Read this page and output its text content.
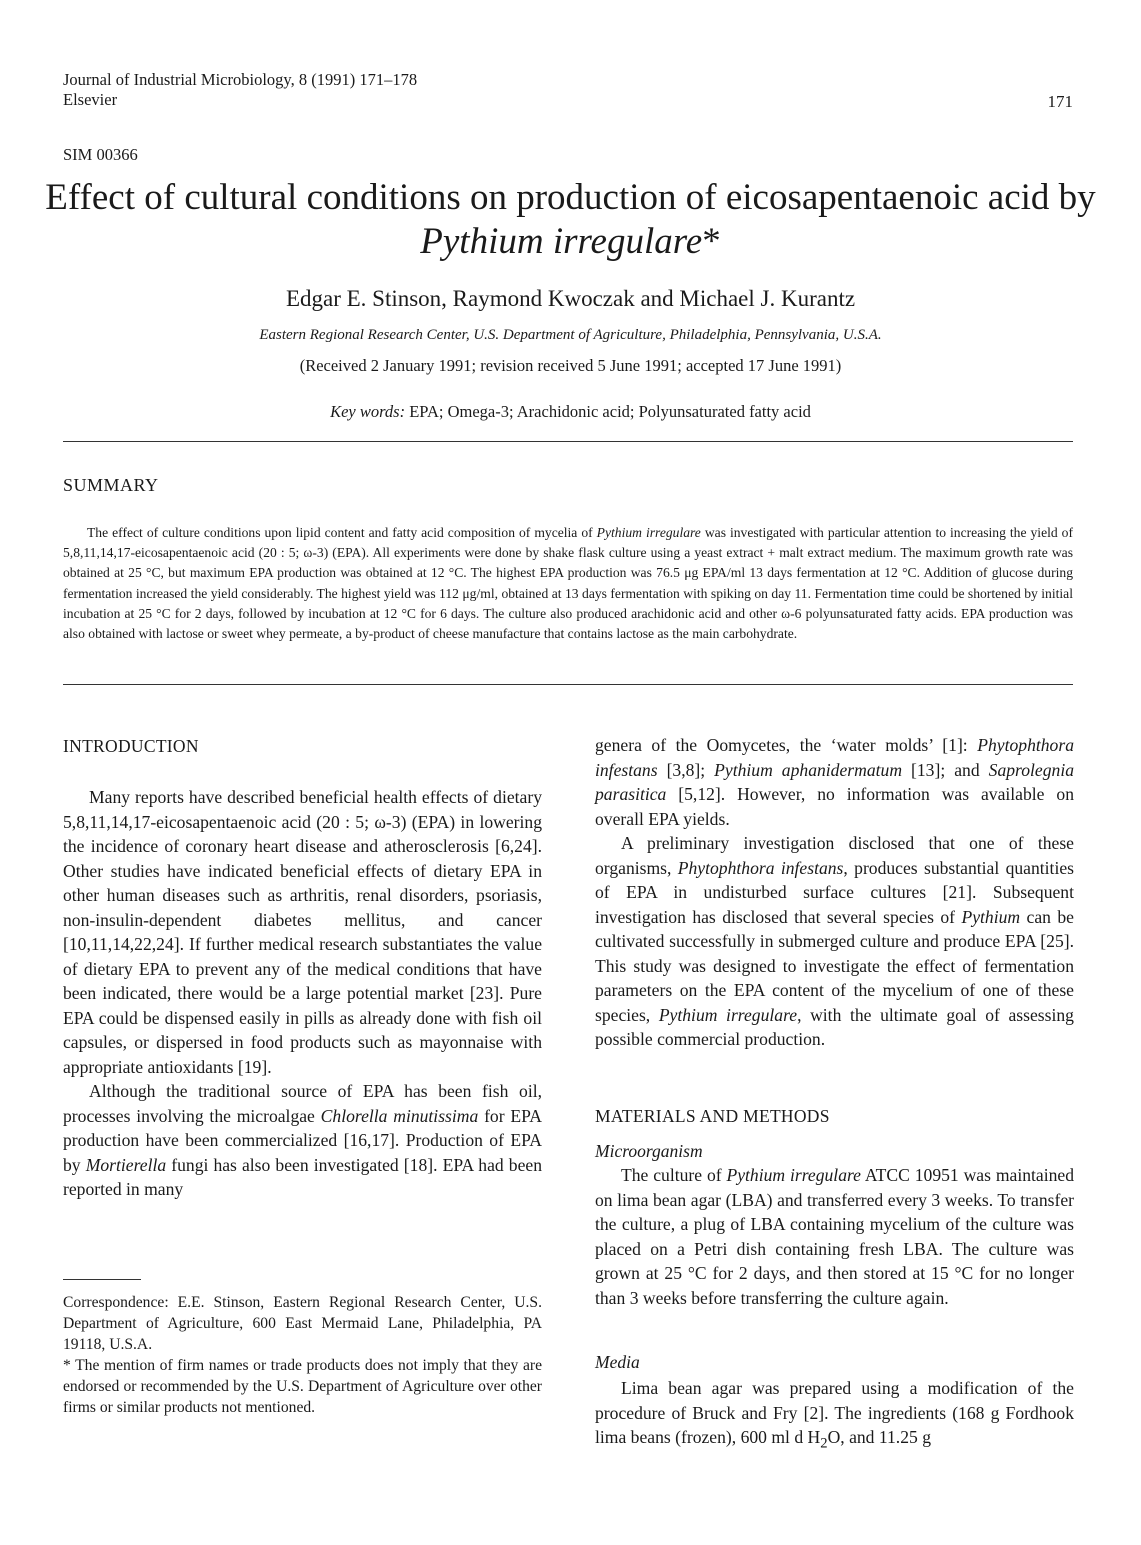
Journal of Industrial Microbiology, 8 (1991) 171–178
Elsevier	171
SIM 00366
Effect of cultural conditions on production of eicosapentaenoic acid by Pythium irregulare*
Edgar E. Stinson, Raymond Kwoczak and Michael J. Kurantz
Eastern Regional Research Center, U.S. Department of Agriculture, Philadelphia, Pennsylvania, U.S.A.
(Received 2 January 1991; revision received 5 June 1991; accepted 17 June 1991)
Key words: EPA; Omega-3; Arachidonic acid; Polyunsaturated fatty acid
SUMMARY
The effect of culture conditions upon lipid content and fatty acid composition of mycelia of Pythium irregulare was investigated with particular attention to increasing the yield of 5,8,11,14,17-eicosapentaenoic acid (20 : 5; ω-3) (EPA). All experiments were done by shake flask culture using a yeast extract + malt extract medium. The maximum growth rate was obtained at 25 °C, but maximum EPA production was obtained at 12 °C. The highest EPA production was 76.5 μg EPA/ml 13 days fermentation at 12 °C. Addition of glucose during fermentation increased the yield considerably. The highest yield was 112 μg/ml, obtained at 13 days fermentation with spiking on day 11. Fermentation time could be shortened by initial incubation at 25 °C for 2 days, followed by incubation at 12 °C for 6 days. The culture also produced arachidonic acid and other ω-6 polyunsaturated fatty acids. EPA production was also obtained with lactose or sweet whey permeate, a by-product of cheese manufacture that contains lactose as the main carbohydrate.
INTRODUCTION

Many reports have described beneficial health effects of dietary 5,8,11,14,17-eicosapentaenoic acid (20 : 5; ω-3) (EPA) in lowering the incidence of coronary heart disease and atherosclerosis [6,24]. Other studies have indicated beneficial effects of dietary EPA in other human diseases such as arthritis, renal disorders, psoriasis, non-insulin-dependent diabetes mellitus, and cancer [10,11,14,22,24]. If further medical research substantiates the value of dietary EPA to prevent any of the medical conditions that have been indicated, there would be a large potential market [23]. Pure EPA could be dispensed easily in pills as already done with fish oil capsules, or dispersed in food products such as mayonnaise with appropriate antioxidants [19].

Although the traditional source of EPA has been fish oil, processes involving the microalgae Chlorella minutissima for EPA production have been commercialized [16,17]. Production of EPA by Mortierella fungi has also been investigated [18]. EPA had been reported in many

Correspondence: E.E. Stinson, Eastern Regional Research Center, U.S. Department of Agriculture, 600 East Mermaid Lane, Philadelphia, PA 19118, U.S.A.

* The mention of firm names or trade products does not imply that they are endorsed or recommended by the U.S. Department of Agriculture over other firms or similar products not mentioned.

genera of the Oomycetes, the ‘water molds’ [1]: Phytophthora infestans [3,8]; Pythium aphanidermatum [13]; and Saprolegnia parasitica [5,12]. However, no information was available on overall EPA yields.

A preliminary investigation disclosed that one of these organisms, Phytophthora infestans, produces substantial quantities of EPA in undisturbed surface cultures [21]. Subsequent investigation has disclosed that several species of Pythium can be cultivated successfully in submerged culture and produce EPA [25]. This study was designed to investigate the effect of fermentation parameters on the EPA content of the mycelium of one of these species, Pythium irregulare, with the ultimate goal of assessing possible commercial production.

MATERIALS AND METHODS
Microorganism

The culture of Pythium irregulare ATCC 10951 was maintained on lima bean agar (LBA) and transferred every 3 weeks. To transfer the culture, a plug of LBA containing mycelium of the culture was placed on a Petri dish containing fresh LBA. The culture was grown at 25 °C for 2 days, and then stored at 15 °C for no longer than 3 weeks before transferring the culture again.

Media

Lima bean agar was prepared using a modification of the procedure of Bruck and Fry [2]. The ingredients (168 g Fordhook lima beans (frozen), 600 ml d $H_2O$, and 11.25 g
